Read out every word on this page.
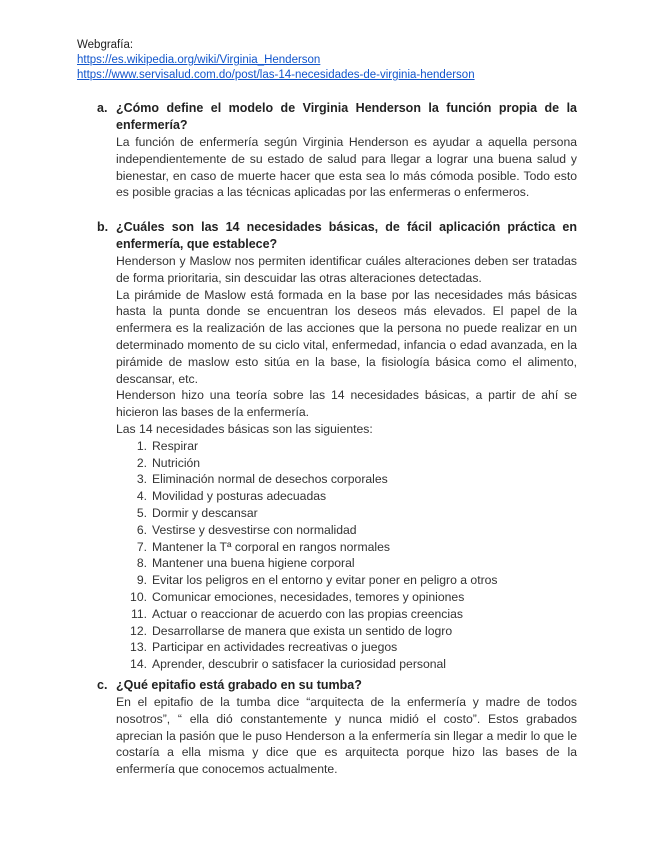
Webgrafía:
https://es.wikipedia.org/wiki/Virginia_Henderson
https://www.servisalud.com.do/post/las-14-necesidades-de-virginia-henderson
a. ¿Cómo define el modelo de Virginia Henderson la función propia de la enfermería?
La función de enfermería según Virginia Henderson es ayudar a aquella persona independientemente de su estado de salud para llegar a lograr una buena salud y bienestar, en caso de muerte hacer que esta sea lo más cómoda posible. Todo esto es posible gracias a las técnicas aplicadas por las enfermeras o enfermeros.
b. ¿Cuáles son las 14 necesidades básicas, de fácil aplicación práctica en enfermería, que establece?
Henderson y Maslow nos permiten identificar cuáles alteraciones deben ser tratadas de forma prioritaria, sin descuidar las otras alteraciones detectadas.
La pirámide de Maslow está formada en la base por las necesidades más básicas hasta la punta donde se encuentran los deseos más elevados. El papel de la enfermera es la realización de las acciones que la persona no puede realizar en un determinado momento de su ciclo vital, enfermedad, infancia o edad avanzada, en la pirámide de maslow esto sitúa en la base, la fisiología básica como el alimento, descansar, etc.
Henderson hizo una teoría sobre las 14 necesidades básicas, a partir de ahí se hicieron las bases de la enfermería.
Las 14 necesidades básicas son las siguientes:
1. Respirar
2. Nutrición
3. Eliminación normal de desechos corporales
4. Movilidad y posturas adecuadas
5. Dormir y descansar
6. Vestirse y desvestirse con normalidad
7. Mantener la Tª corporal en rangos normales
8. Mantener una buena higiene corporal
9. Evitar los peligros en el entorno y evitar poner en peligro a otros
10. Comunicar emociones, necesidades, temores y opiniones
11. Actuar o reaccionar de acuerdo con las propias creencias
12. Desarrollarse de manera que exista un sentido de logro
13. Participar en actividades recreativas o juegos
14. Aprender, descubrir o satisfacer la curiosidad personal
c. ¿Qué epitafio está grabado en su tumba?
En el epitafio de la tumba dice “arquitecta de la enfermería y madre de todos nosotros”, “ ella dió constantemente y nunca midió el costo”. Estos grabados aprecian la pasión que le puso Henderson a la enfermería sin llegar a medir lo que le costaría a ella misma y dice que es arquitecta porque hizo las bases de la enfermería que conocemos actualmente.
